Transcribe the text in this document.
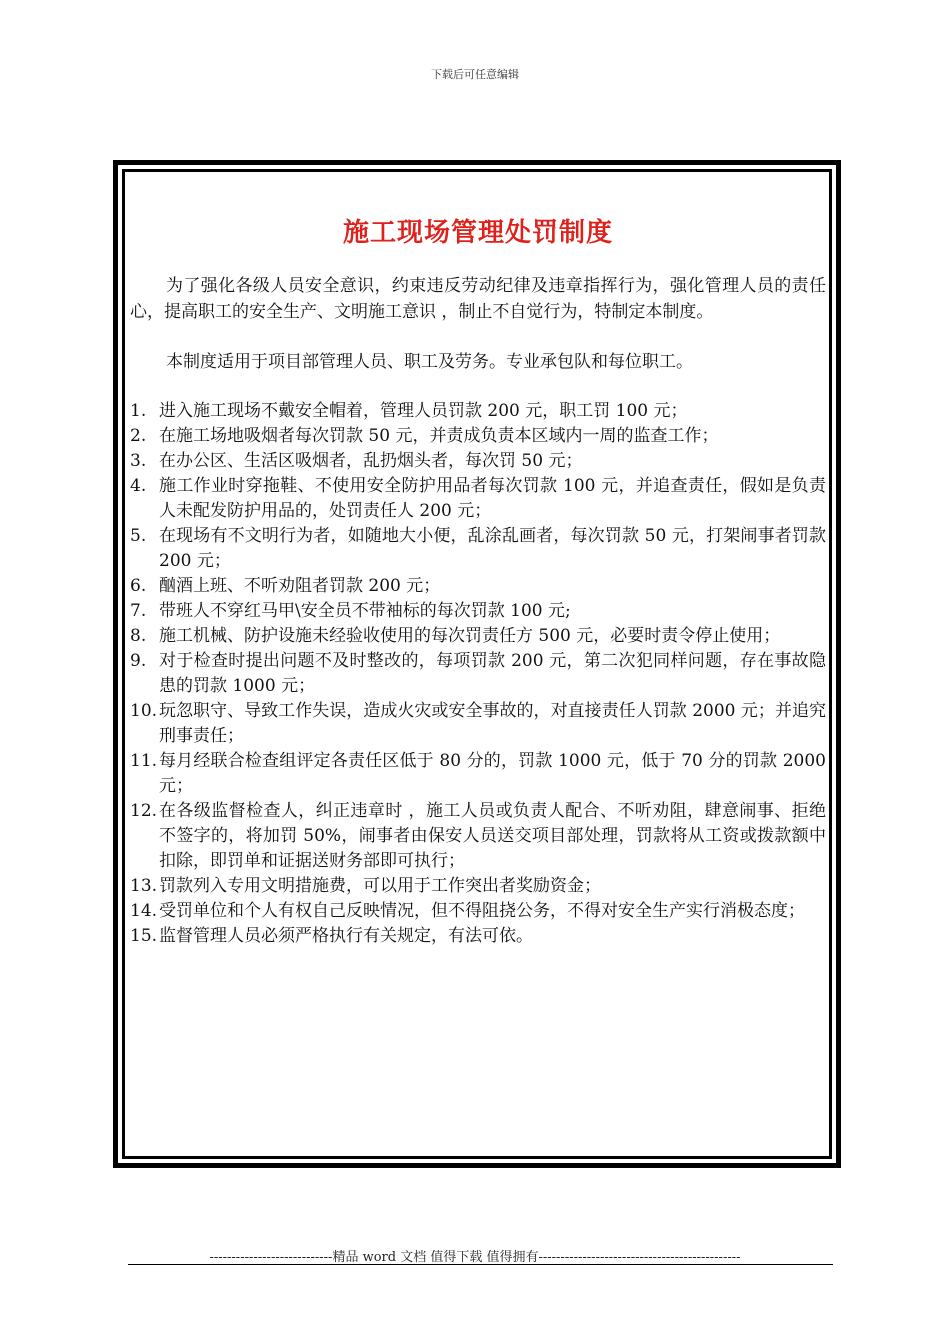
下载后可任意编辑
施工现场管理处罚制度

为了强化各级人员安全意识，约束违反劳动纪律及违章指挥行为，强化管理人员的责任心，提高职工的安全生产、文明施工意识 ，制止不自觉行为，特制定本制度。

本制度适用于项目部管理人员、职工及劳务。专业承包队和每位职工。

1. 进入施工现场不戴安全帽着，管理人员罚款 200 元，职工罚 100 元；
2. 在施工场地吸烟者每次罚款 50 元，并责成负责本区域内一周的监查工作；
3. 在办公区、生活区吸烟者，乱扔烟头者，每次罚 50 元；
4. 施工作业时穿拖鞋、不使用安全防护用品者每次罚款 100 元，并追查责任，假如是负责人未配发防护用品的，处罚责任人 200 元；
5. 在现场有不文明行为者，如随地大小便，乱涂乱画者，每次罚款 50 元，打架闹事者罚款 200 元；
6. 酗酒上班、不听劝阻者罚款 200 元；
7. 带班人不穿红马甲\安全员不带袖标的每次罚款 100 元;
8. 施工机械、防护设施未经验收使用的每次罚责任方 500 元，必要时责令停止使用；
9. 对于检查时提出问题不及时整改的，每项罚款 200 元，第二次犯同样问题，存在事故隐患的罚款 1000 元；
10. 玩忽职守、导致工作失误，造成火灾或安全事故的，对直接责任人罚款 2000 元；并追究刑事责任；
11. 每月经联合检查组评定各责任区低于 80 分的，罚款 1000 元，低于 70 分的罚款 2000 元；
12. 在各级监督检查人，纠正违章时 ，施工人员或负责人配合、不听劝阻，肆意闹事、拒绝不签字的，将加罚 50%，闹事者由保安人员送交项目部处理，罚款将从工资或拨款额中扣除，即罚单和证据送财务部即可执行；
13. 罚款列入专用文明措施费，可以用于工作突出者奖励资金；
14. 受罚单位和个人有权自己反映情况，但不得阻挠公务，不得对安全生产实行消极态度；
15. 监督管理人员必须严格执行有关规定，有法可依。
----------------------------精品 word 文档 值得下载 值得拥有----------------------------------------------
